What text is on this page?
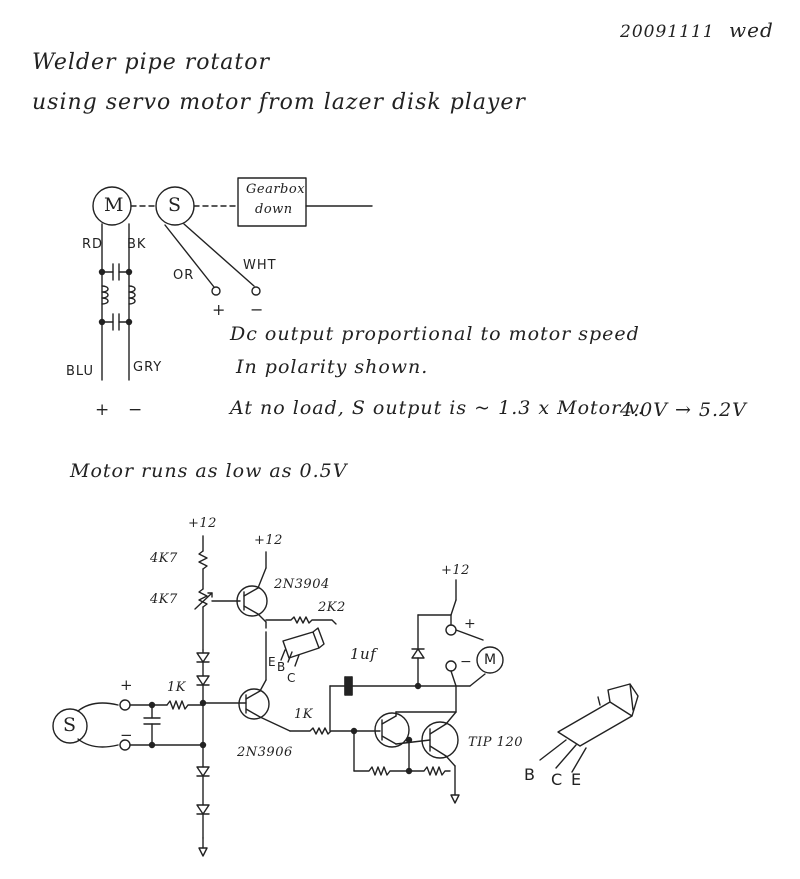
20091111 wed
Welder pipe rotator
using servo motor from lazer disk player
M S
Gearbox
down
RD BK
BLU	GRY
OR
WHT
+ −
+ −
Dc output proportional to motor speed
In polarity shown.
At no load, S output is ~ 1.3 x Motor v.
4.0V → 5.2V
Motor runs as low as 0.5V
+12
+12
+12
4K7
4K7
2N3904
2K2
E B
C
1uf
+
−
1K
1K
2N3906
TIP 120
S
M
+
−
B C E
